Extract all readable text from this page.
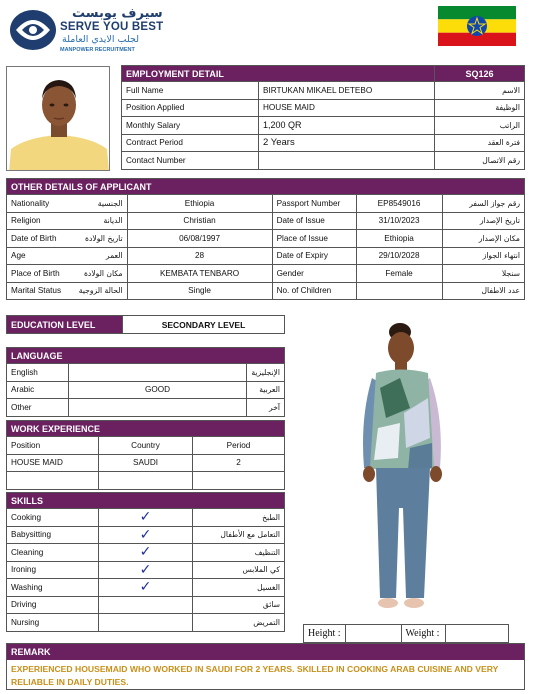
سيرف يوبست
SERVE YOU BEST
لجلب الايدي العاملة
MANPOWER RECRUITMENT
EMPLOYMENT DETAIL		SQ126
Full Name	BIRTUKAN MIKAEL DETEBO	الاسم
Position Applied	HOUSE MAID	الوظيفة
Monthly Salary	1,200 QR	الراتب
Contract Period	2 Years	فترة العقد
Contact Number		رقم الاتصال
OTHER DETAILS OF APPLICANT					
Nationality	الجنسية	Ethiopia	Passport Number	EP8549016	رقم جواز السفر
Religion	الديانة	Christian	Date of Issue	31/10/2023	تاريخ الإصدار
Date of Birth	تاريخ الولادة	06/08/1997	Place of Issue	Ethiopia	مكان الإصدار
Age	العمر	28	Date of Expiry	29/10/2028	انتهاء الجواز
Place of Birth	مكان الولادة	KEMBATA TENBARO	Gender	Female	سنجلا
Marital Status	الحالة الزوجية	Single	No. of Children		عدد الاطفال
EDUCATION LEVEL	SECONDARY LEVEL
LANGUAGE		
English		الإنجليزية
Arabic	GOOD	العربية
Other		آخر
WORK EXPERIENCE		
Position	Country	Period
HOUSE MAID	SAUDI	2

SKILLS		
Cooking	✓	الطبخ
Babysitting	✓	التعامل مع الأطفال
Cleaning	✓	التنظيف
Ironing	✓	كي الملابس
Washing	✓	الغسيل
Driving		سائق
Nursing		التمريض
Height :		Weight :	
REMARK
EXPERIENCED HOUSEMAID WHO WORKED IN SAUDI FOR 2 YEARS. SKILLED IN COOKING ARAB CUISINE AND VERY RELIABLE IN DAILY DUTIES.
